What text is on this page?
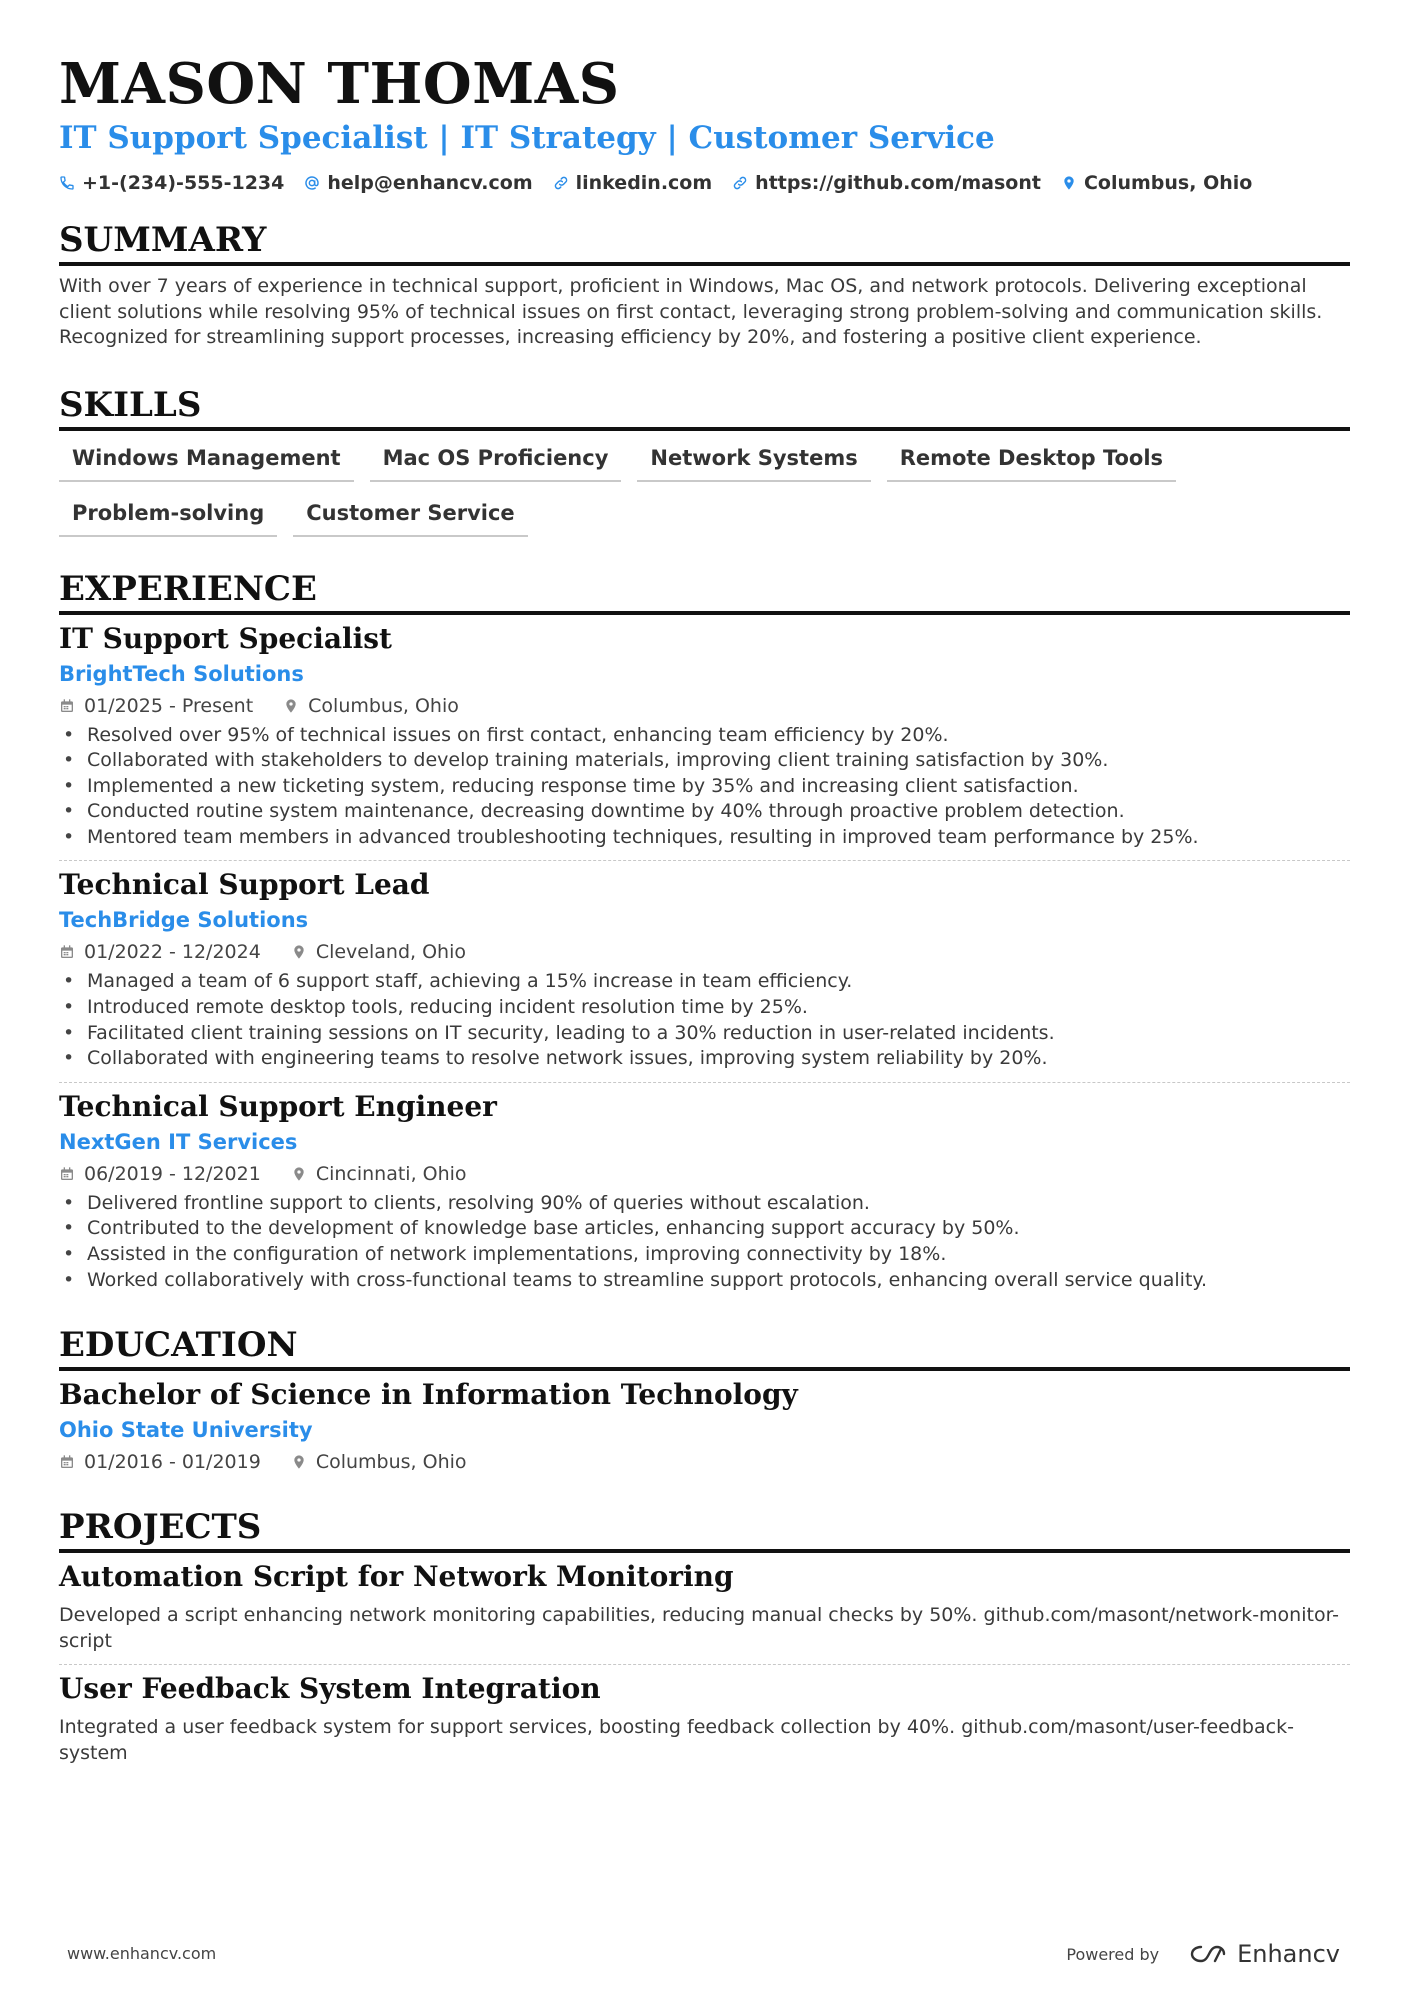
MASON THOMAS
IT Support Specialist | IT Strategy | Customer Service
+1-(234)-555-1234 help@enhancv.com linkedin.com https://github.com/masont Columbus, Ohio
SUMMARY

With over 7 years of experience in technical support, proficient in Windows, Mac OS, and network protocols. Delivering exceptional client solutions while resolving 95% of technical issues on first contact, leveraging strong problem-solving and communication skills. Recognized for streamlining support processes, increasing efficiency by 20%, and fostering a positive client experience.

SKILLS
Windows Management	Mac OS Proficiency	Network Systems	Remote Desktop Tools
Problem-solving	Customer Service
EXPERIENCE
IT Support Specialist
BrightTech Solutions
01/2025 - Present	Columbus, Ohio
• Resolved over 95% of technical issues on first contact, enhancing team efficiency by 20%.
• Collaborated with stakeholders to develop training materials, improving client training satisfaction by 30%.
• Implemented a new ticketing system, reducing response time by 35% and increasing client satisfaction.
• Conducted routine system maintenance, decreasing downtime by 40% through proactive problem detection.
• Mentored team members in advanced troubleshooting techniques, resulting in improved team performance by 25%.
Technical Support Lead
TechBridge Solutions
01/2022 - 12/2024	Cleveland, Ohio
• Managed a team of 6 support staff, achieving a 15% increase in team efficiency.
• Introduced remote desktop tools, reducing incident resolution time by 25%.
• Facilitated client training sessions on IT security, leading to a 30% reduction in user-related incidents.
• Collaborated with engineering teams to resolve network issues, improving system reliability by 20%.
Technical Support Engineer
NextGen IT Services
06/2019 - 12/2021	Cincinnati, Ohio
• Delivered frontline support to clients, resolving 90% of queries without escalation.
• Contributed to the development of knowledge base articles, enhancing support accuracy by 50%.
• Assisted in the configuration of network implementations, improving connectivity by 18%.
• Worked collaboratively with cross-functional teams to streamline support protocols, enhancing overall service quality.
EDUCATION
Bachelor of Science in Information Technology
Ohio State University
01/2016 - 01/2019	Columbus, Ohio
PROJECTS
Automation Script for Network Monitoring

Developed a script enhancing network monitoring capabilities, reducing manual checks by 50%. github.com/masont/network-monitor-script

User Feedback System Integration

Integrated a user feedback system for support services, boosting feedback collection by 40%. github.com/masont/user-feedback-system

www.enhancv.com	Powered by	Enhancv
